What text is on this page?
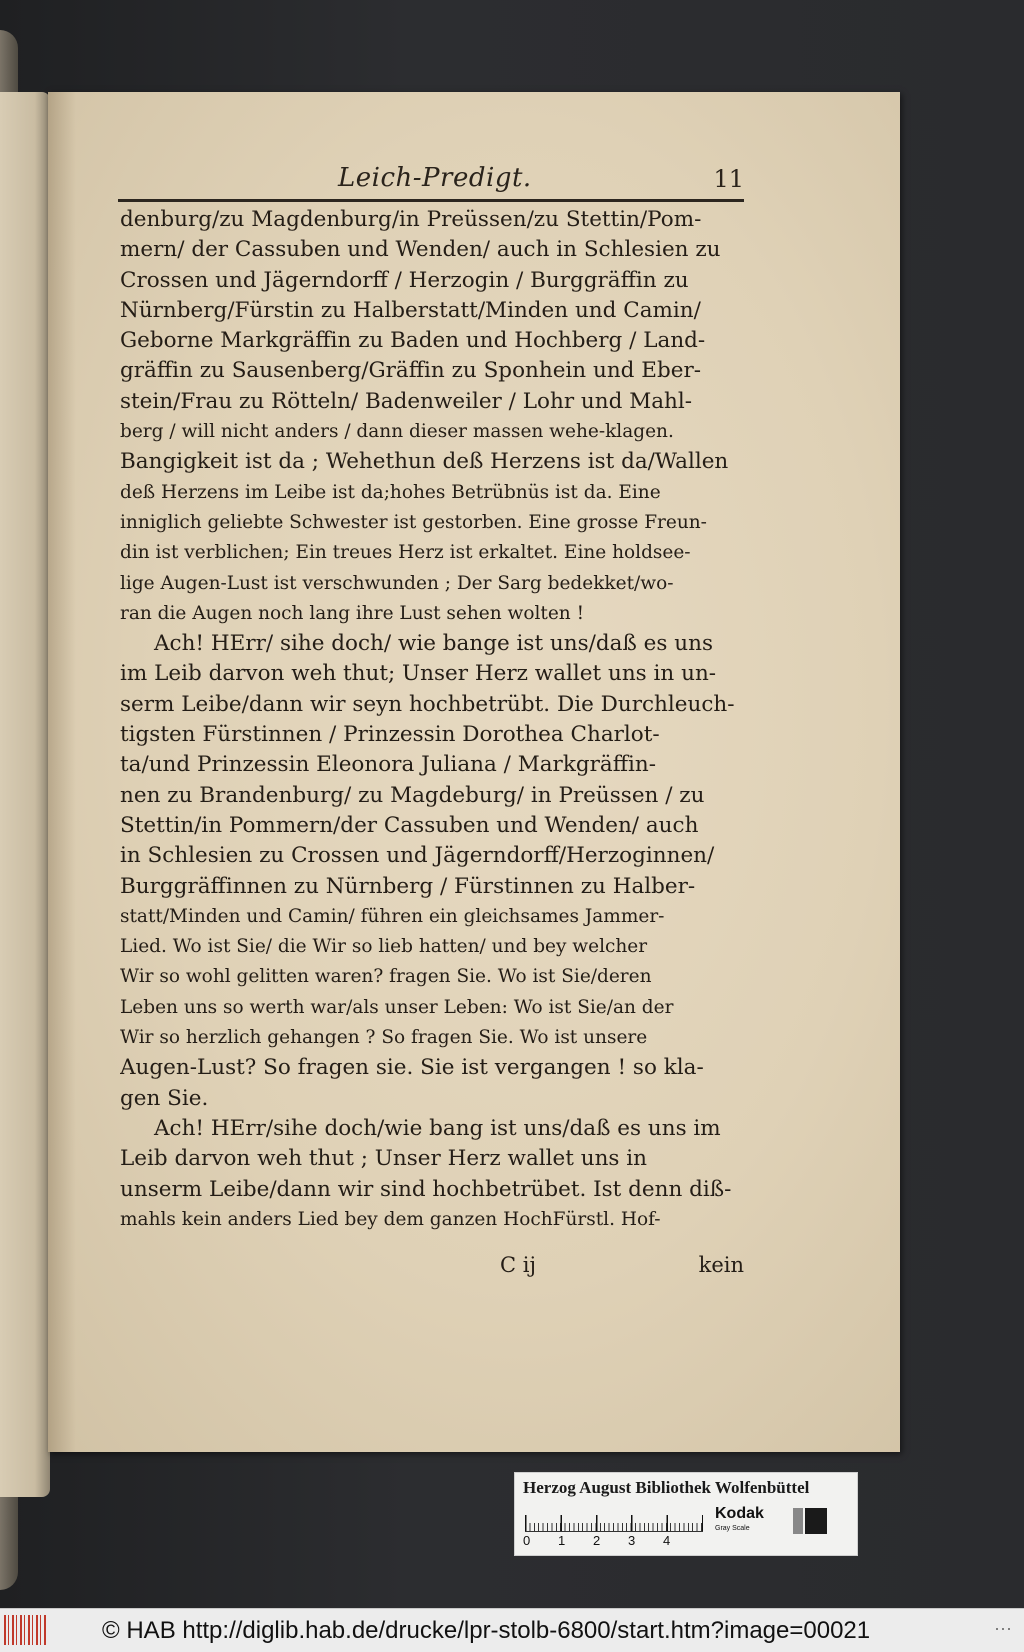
Leich-Predigt.	11
denburg/zu Magdenburg/in Preüssen/zu Stettin/Pom-
mern/ der Cassuben und Wenden/ auch in Schlesien zu
Crossen und Jägerndorff / Herzogin / Burggräffin zu
Nürnberg/Fürstin zu Halberstatt/Minden und Camin/
Geborne Markgräffin zu Baden und Hochberg / Land-
gräffin zu Sausenberg/Gräffin zu Sponhein und Eber-
stein/Frau zu Rötteln/ Badenweiler / Lohr und Mahl-
berg / will nicht anders / dann dieser massen wehe-klagen.
Bangigkeit ist da ; Wehethun deß Herzens ist da/Wallen
deß Herzens im Leibe ist da;hohes Betrübnüs ist da. Eine
inniglich geliebte Schwester ist gestorben. Eine grosse Freun-
din ist verblichen; Ein treues Herz ist erkaltet. Eine holdsee-
lige Augen-Lust ist verschwunden ; Der Sarg bedekket/wo-
ran die Augen noch lang ihre Lust sehen wolten !
Ach! HErr/ sihe doch/ wie bange ist uns/daß es uns
im Leib darvon weh thut; Unser Herz wallet uns in un-
serm Leibe/dann wir seyn hochbetrübt. Die Durchleuch-
tigsten Fürstinnen / Prinzessin Dorothea Charlot-
ta/und Prinzessin Eleonora Juliana / Markgräffin-
nen zu Brandenburg/ zu Magdeburg/ in Preüssen / zu
Stettin/in Pommern/der Cassuben und Wenden/ auch
in Schlesien zu Crossen und Jägerndorff/Herzoginnen/
Burggräffinnen zu Nürnberg / Fürstinnen zu Halber-
statt/Minden und Camin/ führen ein gleichsames Jammer-
Lied. Wo ist Sie/ die Wir so lieb hatten/ und bey welcher
Wir so wohl gelitten waren? fragen Sie. Wo ist Sie/deren
Leben uns so werth war/als unser Leben: Wo ist Sie/an der
Wir so herzlich gehangen ? So fragen Sie. Wo ist unsere
Augen-Lust? So fragen sie. Sie ist vergangen ! so kla-
gen Sie.
Ach! HErr/sihe doch/wie bang ist uns/daß es uns im
Leib darvon weh thut ; Unser Herz wallet uns in
unserm Leibe/dann wir sind hochbetrübet. Ist denn diß-
mahls kein anders Lied bey dem ganzen HochFürstl. Hof-
C ij	kein
Herzog August Bibliothek Wolfenbüttel
0 1 2 3 4
Kodak
Gray Scale
© HAB http://diglib.hab.de/drucke/lpr-stolb-6800/start.htm?image=00021	⋯
